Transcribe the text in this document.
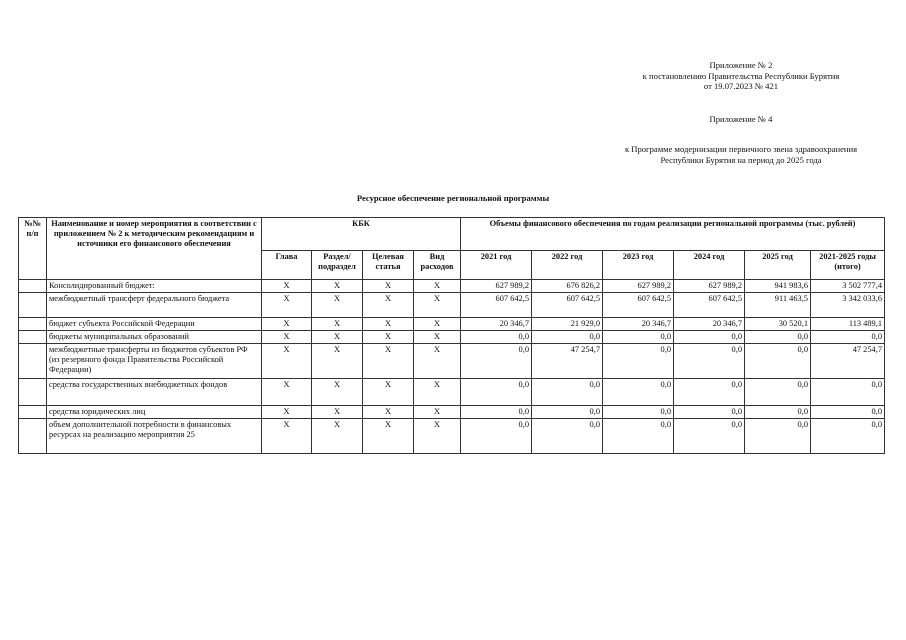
Приложение № 2
к постановлению Правительства Республики Бурятия
от 19.07.2023 № 421
Приложение № 4
к Программе модернизации первичного звена здравоохранения
Республики Бурятия на период до 2025 года
Ресурсное обеспечение региональной программы
№№ п/п	Наименование и номер мероприятия в соответствии с приложением № 2 к методическим рекомендациям и источники его финансового обеспечения	КБК				Объемы финансового обеспечения по годам реализации региональной программы (тыс. рублей)					
		Глава	Раздел/ подраздел	Целевая статья	Вид расходов	2021 год	2022 год	2023 год	2024 год	2025 год	2021-2025 годы (итого)
	Консолидированный бюджет:	X	X	X	X	627 989,2	676 826,2	627 989,2	627 989,2	941 983,6	3 502 777,4
	межбюджетный трансферт федерального бюджета	X	X	X	X	607 642,5	607 642,5	607 642,5	607 642,5	911 463,5	3 342 033,6
	бюджет субъекта Российской Федерации	X	X	X	X	20 346,7	21 929,0	20 346,7	20 346,7	30 520,1	113 489,1
	бюджеты муниципальных образований	X	X	X	X	0,0	0,0	0,0	0,0	0,0	0,0
	межбюджетные трансферты из бюджетов субъектов РФ (из резервного фонда Правительства Российской Федерации)	X	X	X	X	0,0	47 254,7	0,0	0,0	0,0	47 254,7
	средства государственных внебюджетных фондов	X	X	X	X	0,0	0,0	0,0	0,0	0,0	0,0
	средства юридических лиц	X	X	X	X	0,0	0,0	0,0	0,0	0,0	0,0
	объем дополнительной потребности в финансовых ресурсах на реализацию мероприятия 25	X	X	X	X	0,0	0,0	0,0	0,0	0,0	0,0
